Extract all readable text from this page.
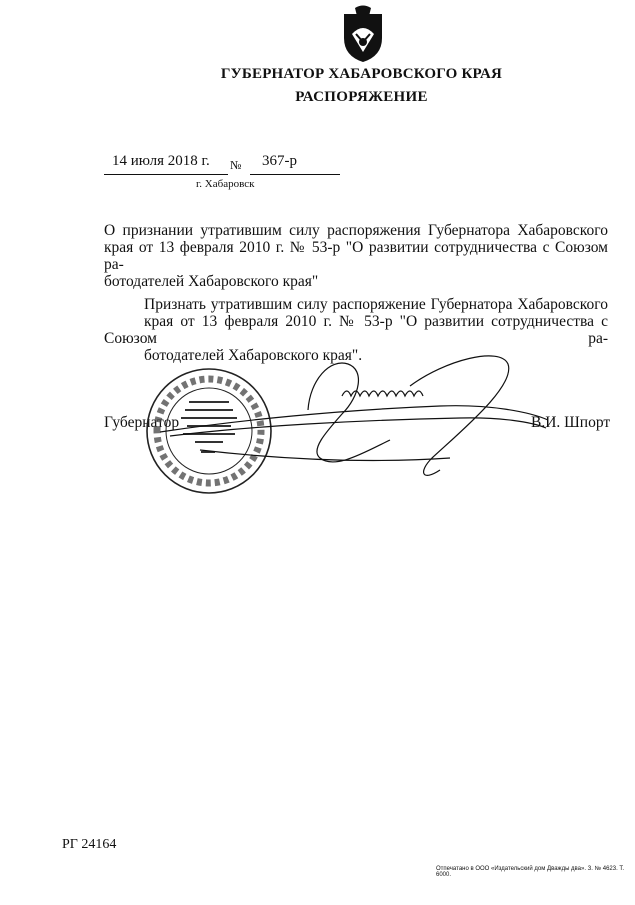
ГУБЕРНАТОР ХАБАРОВСКОГО КРАЯ
РАСПОРЯЖЕНИЕ
14 июля 2018 г. № 367-р
г. Хабаровск
О признании утратившим силу распоряжения Губернатора Хабаровского
края от 13 февраля 2010 г. № 53-р "О развитии сотрудничества с Союзом ра-
ботодателей Хабаровского края"
Признать утратившим силу распоряжение Губернатора Хабаровского
края от 13 февраля 2010 г. № 53-р "О развитии сотрудничества с Союзом ра-
ботодателей Хабаровского края".
Губернатор	В.И. Шпорт
РГ 24164
Отпечатано в ООО «Издательский дом Дважды два». З. № 4623. Т. 6000.
